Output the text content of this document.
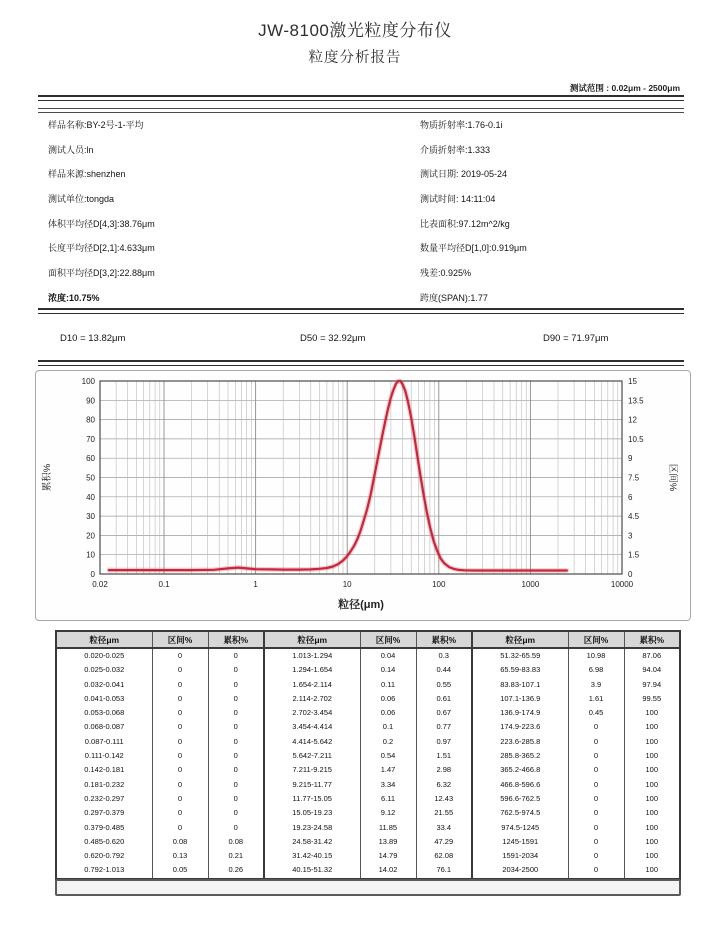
JW-8100激光粒度分布仪
粒度分析报告
测试范围 : 0.02μm - 2500μm
样品名称:BY-2号-1-平均
测试人员:ln
样品来源:shenzhen
测试单位:tongda
体积平均径D[4,3]:38.76μm
长度平均径D[2,1]:4.633μm
面积平均径D[3,2]:22.88μm
浓度:10.75%
物质折射率:1.76-0.1i
介质折射率:1.333
测试日期: 2019-05-24
测试时间: 14:11:04
比表面积:97.12m^2/kg
数量平均径D[1,0]:0.919μm
残差:0.925%
跨度(SPAN):1.77
D10 = 13.82μm	D50 = 32.92μm	D90 = 71.97μm
0
10
20
30
40
50
60
70
80
90
100
0
1.5
3
4.5
6
7.5
9
10.5
12
13.5
15
0.02	0.1	1	10	100	1000	10000
累积%	区间%
粒径(μm)
粒径μm	区间%	累积%	粒径μm	区间%	累积%	粒径μm	区间%	累积%
0.020-0.025	0	0	1.013-1.294	0.04	0.3	51.32-65.59	10.98	87.06
0.025-0.032	0	0	1.294-1.654	0.14	0.44	65.59-83.83	6.98	94.04
0.032-0.041	0	0	1.654-2.114	0.11	0.55	83.83-107.1	3.9	97.94
0.041-0.053	0	0	2.114-2.702	0.06	0.61	107.1-136.9	1.61	99.55
0.053-0.068	0	0	2.702-3.454	0.06	0.67	136.9-174.9	0.45	100
0.068-0.087	0	0	3.454-4.414	0.1	0.77	174.9-223.6	0	100
0.087-0.111	0	0	4.414-5.642	0.2	0.97	223.6-285.8	0	100
0.111-0.142	0	0	5.642-7.211	0.54	1.51	285.8-365.2	0	100
0.142-0.181	0	0	7.211-9.215	1.47	2.98	365.2-466.8	0	100
0.181-0.232	0	0	9.215-11.77	3.34	6.32	466.8-596.6	0	100
0.232-0.297	0	0	11.77-15.05	6.11	12.43	596.6-762.5	0	100
0.297-0.379	0	0	15.05-19.23	9.12	21.55	762.5-974.5	0	100
0.379-0.485	0	0	19.23-24.58	11.85	33.4	974.5-1245	0	100
0.485-0.620	0.08	0.08	24.58-31.42	13.89	47.29	1245-1591	0	100
0.620-0.792	0.13	0.21	31.42-40.15	14.79	62.08	1591-2034	0	100
0.792-1.013	0.05	0.26	40.15-51.32	14.02	76.1	2034-2500	0	100
